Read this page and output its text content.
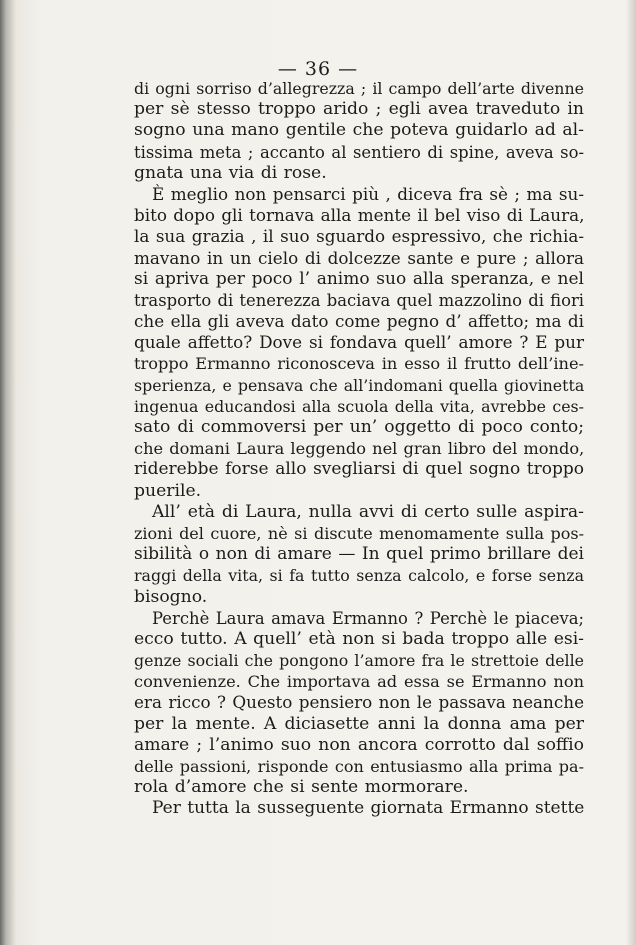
— 36 —
di ogni sorriso d’allegrezza ; il campo dell’arte divenne
per sè stesso troppo arido ; egli avea traveduto in
sogno una mano gentile che poteva guidarlo ad al-
tissima meta ; accanto al sentiero di spine, aveva so-
gnata una via di rose.
È meglio non pensarci più , diceva fra sè ; ma su-
bito dopo gli tornava alla mente il bel viso di Laura,
la sua grazia , il suo sguardo espressivo, che richia-
mavano in un cielo di dolcezze sante e pure ; allora
si apriva per poco l’ animo suo alla speranza, e nel
trasporto di tenerezza baciava quel mazzolino di fiori
che ella gli aveva dato come pegno d’ affetto; ma di
quale affetto? Dove si fondava quell’ amore ? E pur
troppo Ermanno riconosceva in esso il frutto dell’ine-
sperienza, e pensava che all’indomani quella giovinetta
ingenua educandosi alla scuola della vita, avrebbe ces-
sato di commoversi per un’ oggetto di poco conto;
che domani Laura leggendo nel gran libro del mondo,
riderebbe forse allo svegliarsi di quel sogno troppo
puerile.
All’ età di Laura, nulla avvi di certo sulle aspira-
zioni del cuore, nè si discute menomamente sulla pos-
sibilità o non di amare — In quel primo brillare dei
raggi della vita, si fa tutto senza calcolo, e forse senza
bisogno.
Perchè Laura amava Ermanno ? Perchè le piaceva;
ecco tutto. A quell’ età non si bada troppo alle esi-
genze sociali che pongono l’amore fra le strettoie delle
convenienze. Che importava ad essa se Ermanno non
era ricco ? Questo pensiero non le passava neanche
per la mente. A diciasette anni la donna ama per
amare ; l’animo suo non ancora corrotto dal soffio
delle passioni, risponde con entusiasmo alla prima pa-
rola d’amore che si sente mormorare.
Per tutta la susseguente giornata Ermanno stette
